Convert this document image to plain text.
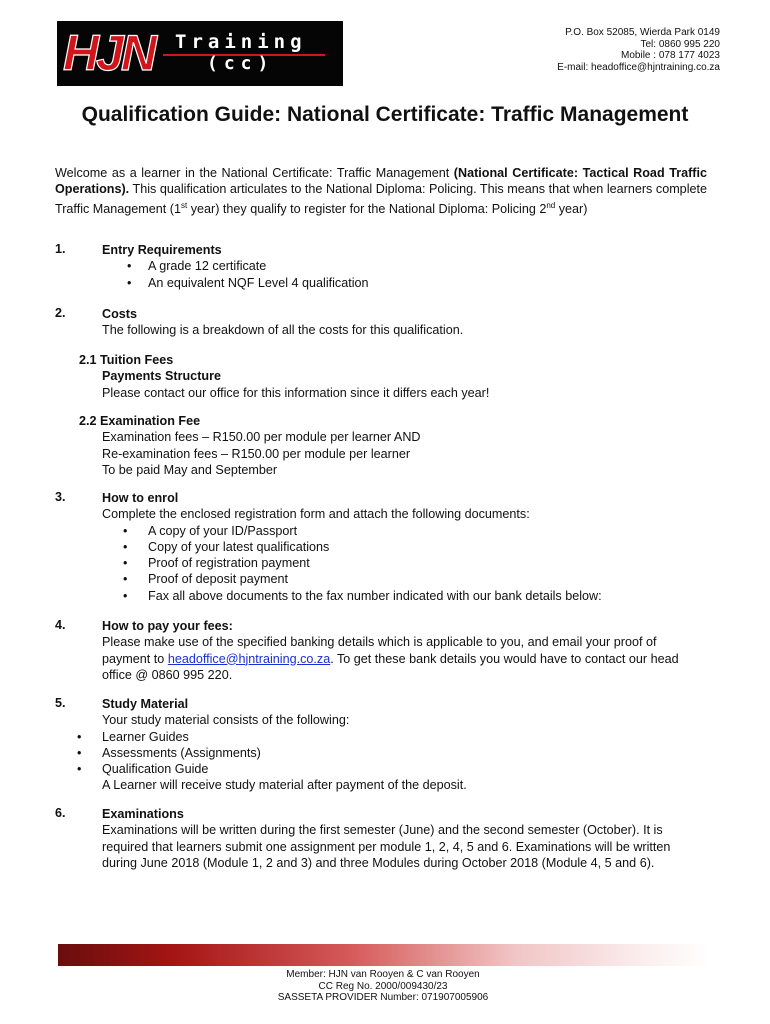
HJN Training
(cc)
P.O. Box 52085, Wierda Park 0149
Tel: 0860 995 220
Mobile : 078 177 4023
E-mail: headoffice@hjntraining.co.za
Qualification Guide: National Certificate: Traffic Management
Welcome as a learner in the National Certificate: Traffic Management (National Certificate: Tactical Road Traffic Operations). This qualification articulates to the National Diploma: Policing. This means that when learners complete Traffic Management (1st year) they qualify to register for the National Diploma: Policing 2nd year)
1.	Entry Requirements
• A grade 12 certificate
• An equivalent NQF Level 4 qualification
2.	Costs
The following is a breakdown of all the costs for this qualification.
2.1 Tuition Fees
Payments Structure
Please contact our office for this information since it differs each year!
2.2 Examination Fee
Examination fees – R150.00 per module per learner AND
Re-examination fees – R150.00 per module per learner
To be paid May and September
3.	How to enrol
Complete the enclosed registration form and attach the following documents:
• A copy of your ID/Passport
• Copy of your latest qualifications
• Proof of registration payment
• Proof of deposit payment
• Fax all above documents to the fax number indicated with our bank details below:
4.	How to pay your fees:
Please make use of the specified banking details which is applicable to you, and email your proof of payment to headoffice@hjntraining.co.za. To get these bank details you would have to contact our head office @ 0860 995 220.
5.	Study Material
Your study material consists of the following:
• Learner Guides
• Assessments (Assignments)
• Qualification Guide
A Learner will receive study material after payment of the deposit.
6.	Examinations
Examinations will be written during the first semester (June) and the second semester (October). It is required that learners submit one assignment per module 1, 2, 4, 5 and 6. Examinations will be written during June 2018 (Module 1, 2 and 3) and three Modules during October 2018 (Module 4, 5 and 6).
Member: HJN van Rooyen & C van Rooyen
CC Reg No. 2000/009430/23
SASSETA PROVIDER Number: 071907005906
